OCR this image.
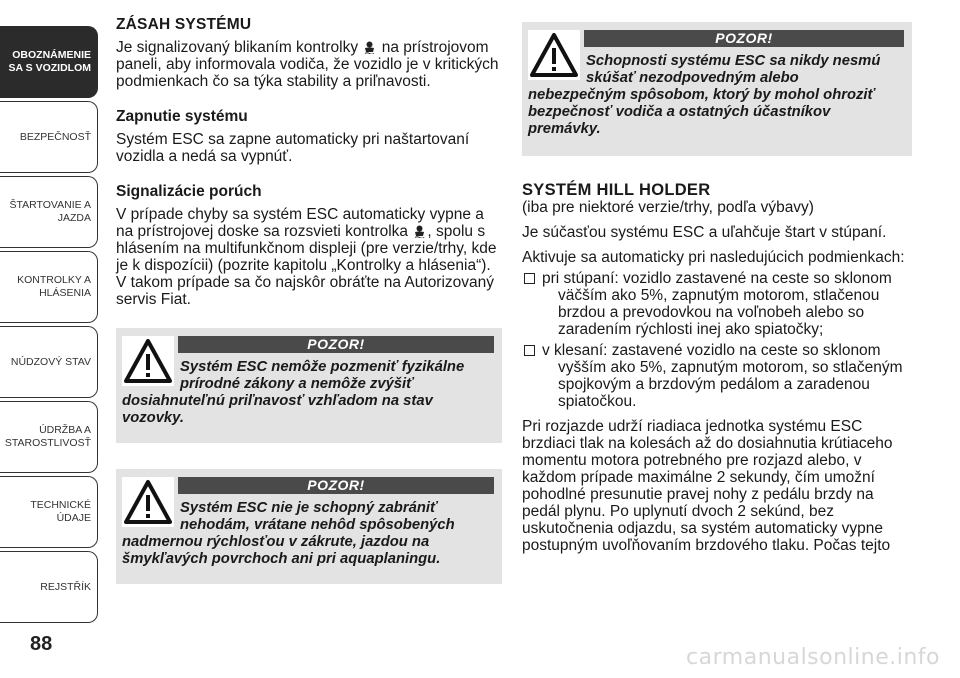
OBOZNÁMENIE
SA S VOZIDLOM
BEZPEČNOSŤ
ŠTARTOVANIE A
JAZDA
KONTROLKY A
HLÁSENIA
NÚDZOVÝ STAV
ÚDRŽBA A
STAROSTLIVOSŤ
TECHNICKÉ ÚDAJE
REJSTŘÍK
88
ZÁSAH SYSTÉMU

Je signalizovaný blikaním kontrolky na prístrojovom paneli, aby informovala vodiča, že vozidlo je v kritických podmienkach čo sa týka stability a priľnavosti.

Zapnutie systému

Systém ESC sa zapne automaticky pri naštartovaní vozidla a nedá sa vypnúť.

Signalizácie porúch

V prípade chyby sa systém ESC automaticky vypne a na prístrojovej doske sa rozsvieti kontrolka , spolu s hlásením na multifunkčnom displeji (pre verzie/trhy, kde je k dispozícii) (pozrite kapitolu „Kontrolky a hlásenia“). V takom prípade sa čo najskôr obráťte na Autorizovaný servis Fiat.

POZOR!
Systém ESC nemôže pozmeniť fyzikálne
prírodné zákony a nemôže zvýšiť
dosiahnuteľnú priľnavosť vzhľadom na stav vozovky.
POZOR!
Systém ESC nie je schopný zabrániť
nehodám, vrátane nehôd spôsobených
nadmernou rýchlosťou v zákrute, jazdou na šmykľavých povrchoch ani pri aquaplaningu.
POZOR!
Schopnosti systému ESC sa nikdy nesmú
skúšať nezodpovedným alebo
nebezpečným spôsobom, ktorý by mohol ohroziť bezpečnosť vodiča a ostatných účastníkov premávky.
SYSTÉM HILL HOLDER

(iba pre niektoré verzie/trhy, podľa výbavy)

Je súčasťou systému ESC a uľahčuje štart v stúpaní.

Aktivuje sa automaticky pri nasledujúcich podmienkach:

pri stúpaní: vozidlo zastavené na ceste so sklonom
väčším ako 5%, zapnutým motorom, stlačenou brzdou a prevodovkou na voľnobeh alebo so zaradením rýchlosti inej ako spiatočky;
v klesaní: zastavené vozidlo na ceste so sklonom
vyšším ako 5%, zapnutým motorom, so stlačeným spojkovým a brzdovým pedálom a zaradenou spiatočkou.

Pri rozjazde udrží riadiaca jednotka systému ESC brzdiaci tlak na kolesách až do dosiahnutia krútiaceho momentu motora potrebného pre rozjazd alebo, v každom prípade maximálne 2 sekundy, čím umožní pohodlné presunutie pravej nohy z pedálu brzdy na pedál plynu. Po uplynutí dvoch 2 sekúnd, bez uskutočnenia odjazdu, sa systém automaticky vypne postupným uvoľňovaním brzdového tlaku. Počas tejto

carmanualsonline.info
